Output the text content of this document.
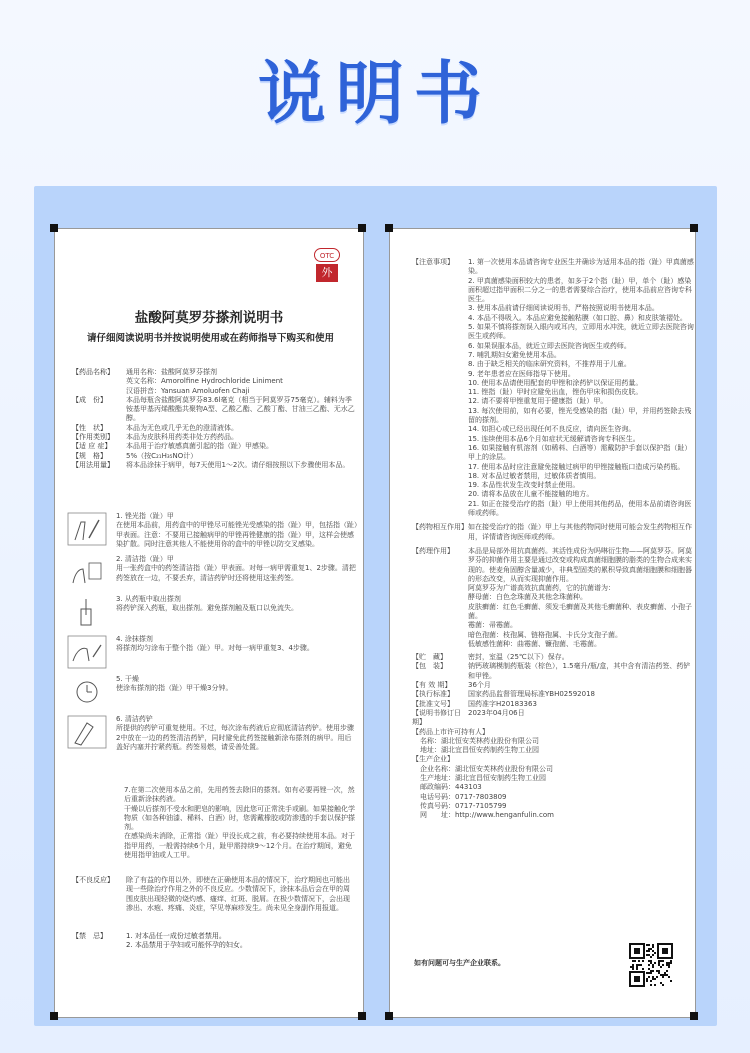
说明书
OTC
外
盐酸阿莫罗芬搽剂说明书
请仔细阅读说明书并按说明使用或在药师指导下购买和使用
【药品名称】	通用名称：盐酸阿莫罗芬搽剂
英文名称：Amorolfine Hydrochloride Liniment
汉语拼音：Yansuan Amoluofen Chaji
【成　份】	本品每瓶含盐酸阿莫罗芬83.6l毫克（相当于阿莫罗芬75毫克）。辅料为季铵基甲基丙烯酸酯共聚物A型、乙酸乙酯、乙酸丁酯、甘油三乙酯、无水乙醇。
【性　状】	本品为无色或几乎无色的澄清液体。
【作用类别】	本品为皮肤科用药类非处方药药品。
【适 应 症】	本品用于治疗敏感真菌引起的指（趾）甲感染。
【规　格】	5%（按C₂₁H₃₅NO计）
【用法用量】	将本品涂抹于病甲，每7天使用1～2次。请仔细按照以下步骤使用本品。
1. 锉光指（趾）甲
在使用本品前，用药盒中的甲锉尽可能锉光受感染的指（趾）甲，包括指（趾）甲表面。注意：不要用已接触病甲的甲锉再锉健康的指（趾）甲，这样会使感染扩散。同时注意其他人不能使用你的盒中的甲锉以防交叉感染。
2. 清洁指（趾）甲
用一张药盒中的药签清洁指（趾）甲表面。对每一病甲需重复1、2步骤。清把药签放在一边，不要丢弃，清洁药铲时还将使用这张药签。
3. 从药瓶中取出搽剂
将药铲深入药瓶，取出搽剂。避免搽剂触及瓶口以免流失。
4. 涂抹搽剂
将搽剂均匀涂布于整个指（趾）甲。对每一病甲重复3、4步骤。
5. 干燥
使涂布搽剂的指（趾）甲干燥3分钟。
6. 清洁药铲
所提供的药铲可重复使用。不过，每次涂布药液后应彻底清洁药铲。使用步骤2中放在一边的药签清洁药铲，同时避免此药签接触新涂布搽剂的病甲。用后盖好内塞并拧紧药瓶。药签易燃，请妥善处置。

7.在第二次使用本品之前，先用药签去除旧的搽剂。如有必要再锉一次，然后重新涂抹药液。

干燥以后搽剂不受水和肥皂的影响，因此您可正常洗手或刷。如果接触化学物质（如各种油漆、稀料、白酒）时，您需戴橡胶或防渗透的手套以保护搽剂。

在感染尚未消除，正常指（趾）甲没长成之前，有必要持续使用本品。对于指甲用药，一般需持续6个月，趾甲需持续9～12个月。在治疗期间，避免使用指甲油或人工甲。

【不良反应】	除了有益的作用以外，即使在正确使用本品的情况下，治疗期间也可能出现一些除治疗作用之外的不良反应。少数情况下，涂抹本品后会在甲的周围皮肤出现轻微的烧灼感、瘙痒、红斑、脱屑。在极少数情况下，会出现渗出、水疱、疼痛、炎症，罕见荨麻疹发生。尚未见全身副作用报道。
【禁　忌】	1. 对本品任一成份过敏者禁用。
2. 本品禁用于孕妇或可能怀孕的妇女。
【注意事项】	1. 第一次使用本品请咨询专业医生并确诊为适用本品的指（趾）甲真菌感染。
2. 甲真菌感染面积较大的患者，如多于2个指（趾）甲，单个（趾）感染面积超过指甲面积二分之一的患者需要综合治疗，使用本品前应咨询专科医生。
3. 使用本品前请仔细阅读说明书，严格按照说明书使用本品。
4. 本品不得吸入。本品应避免接触粘膜（如口腔、鼻）和皮肤皱褶处。
5. 如果不慎将搽剂误入眼内或耳内，立即用水冲洗，就近立即去医院咨询医生或药师。
6. 如果误服本品，就近立即去医院咨询医生或药师。
7. 哺乳期妇女避免使用本品。
8. 由于缺乏相关的临床研究资料，不推荐用于儿童。
9. 老年患者应在医师指导下使用。
10. 使用本品请使用配套的甲锉和涂药铲以保证用药量。
11. 锉指（趾）甲时应避免出血，锉伤甲床和损伤皮肤。
12. 请不要将甲锉重复用于健康指（趾）甲。
13. 每次使用前，如有必要，锉光受感染的指（趾）甲，并用药签除去残留的搽剂。
14. 如担心或已经出现任何不良反应，请向医生咨询。
15. 连续使用本品6个月如症状无缓解请咨询专科医生。
16. 如果接触有机溶剂（如稀料、白酒等）需戴防护手套以保护指（趾）甲上的涂层。
17. 使用本品时应注意避免接触过病甲的甲锉接触瓶口造成污染药瓶。
18. 对本品过敏者禁用，过敏体质者慎用。
19. 本品性状发生改变时禁止使用。
20. 请将本品放在儿童不能接触的地方。
21. 如正在接受治疗的指（趾）甲上使用其他药品，使用本品前请咨询医师或药师。
【药物相互作用】 如在接受治疗的指（趾）甲上与其他药物同时使用可能会发生药物相互作用，详情请咨询医师或药师。
【药理作用】	本品是局部外用抗真菌药。其活性成份为吗啉衍生物——阿莫罗芬。阿莫罗芬的抑菌作用主要是通过改变或构成真菌细胞膜的脂类的生物合成来实现的。使麦角固醇含量减少，非典型固类的累积导致真菌细胞膜和细胞器的形态改变，从而实现抑菌作用。
阿莫罗芬为广谱高效抗真菌药，它的抗菌谱为：
酵母菌：白色念珠菌及其他念珠菌种。
皮肤癣菌：红色毛癣菌、须发毛癣菌及其他毛癣菌种、表皮癣菌、小孢子菌。
霉菌：帚霉菌。
暗色孢菌：枝孢属、链格孢属、卡氏分支孢子菌。
低敏感性菌种：曲霉菌、镰孢菌、毛霉菌。
【贮　藏】	密封，室温（25℃以下）保存。
【包　装】	钠钙玻璃模制药瓶装（棕色），1.5毫升/瓶/盒，其中含有清洁药签、药铲和甲锉。
【有 效 期】	36个月
【执行标准】	国家药品监督管理局标准YBH02592018
【批准文号】	国药准字H20183363
【说明书修订日期】
2023年04月06日
【药品上市许可持有人】
名称：湖北恒安芙林药业股份有限公司
地址：湖北宜昌恒安药制药生物工业园
【生产企业】
企业名称：湖北恒安芙林药业股份有限公司
生产地址：湖北宜昌恒安制药生物工业园
邮政编码：443103
电话号码：0717-7803809
传真号码：0717-7105799
网　　址：http://www.henganfulin.com
如有问题可与生产企业联系。
